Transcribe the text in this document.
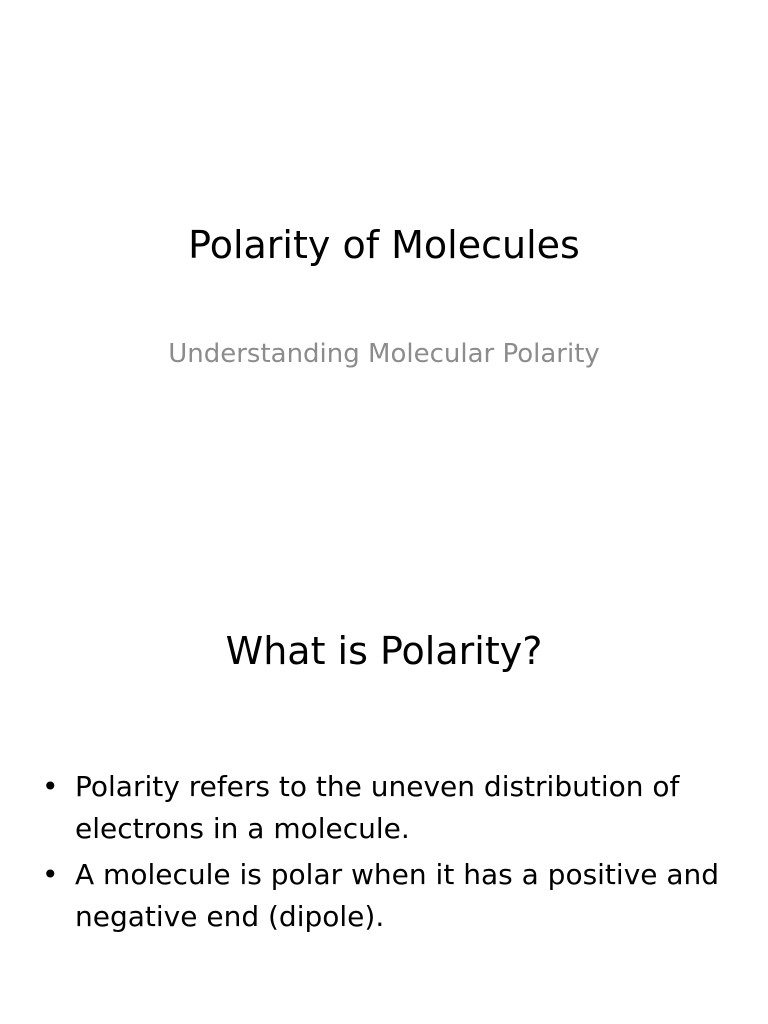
Polarity of Molecules

Understanding Molecular Polarity

What is Polarity?
• Polarity refers to the uneven distribution of electrons in a molecule.
• A molecule is polar when it has a positive and negative end (dipole).
